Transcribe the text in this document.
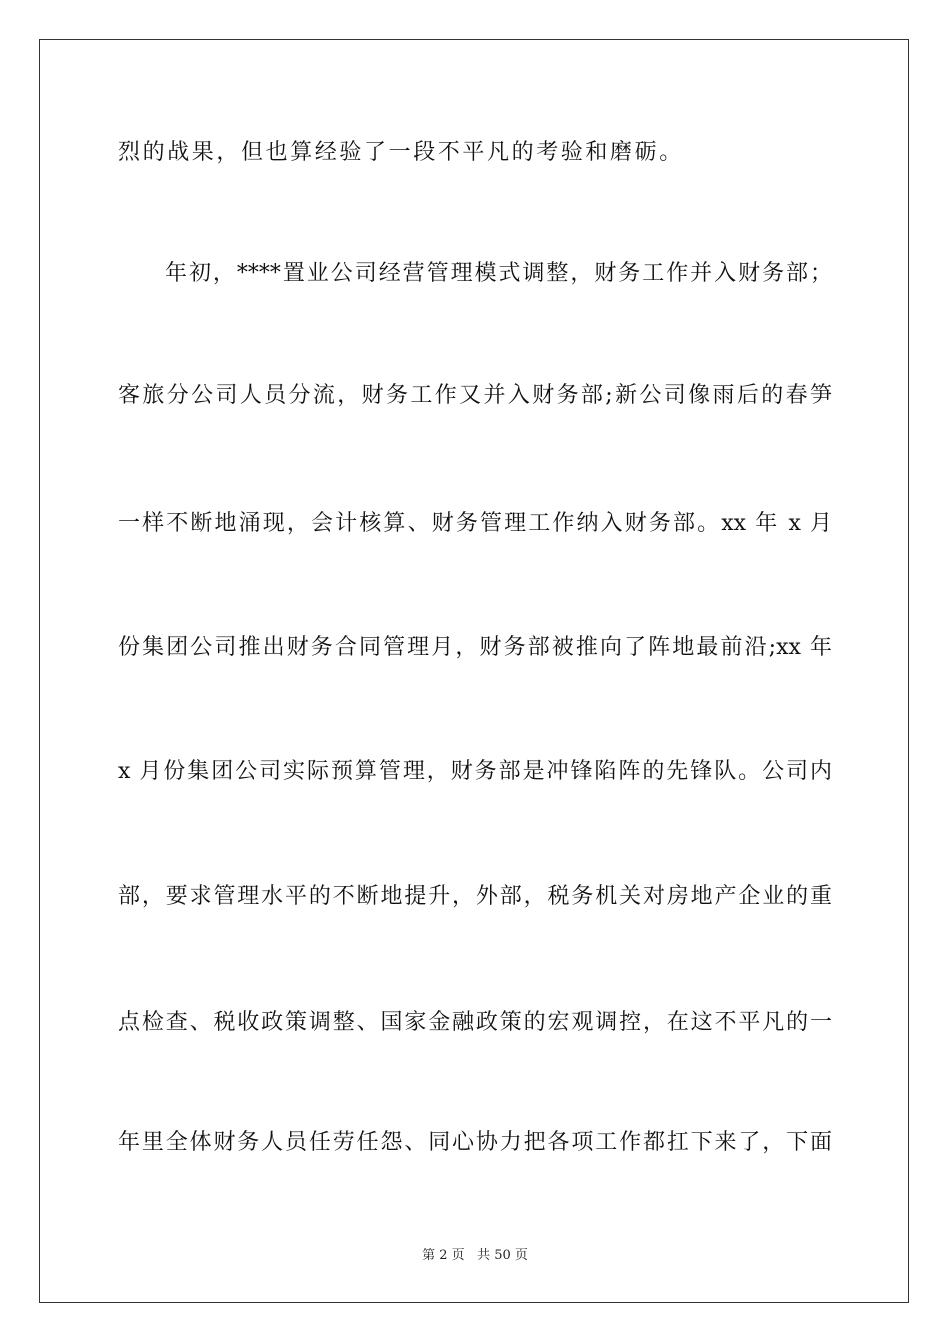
烈的战果，但也算经验了一段不平凡的考验和磨砺。
年初，****置业公司经营管理模式调整，财务工作并入财务部；
客旅分公司人员分流，财务工作又并入财务部;新公司像雨后的春笋
一样不断地涌现，会计核算、财务管理工作纳入财务部。xx 年 x 月
份集团公司推出财务合同管理月，财务部被推向了阵地最前沿;xx 年
x 月份集团公司实际预算管理，财务部是冲锋陷阵的先锋队。公司内
部，要求管理水平的不断地提升，外部，税务机关对房地产企业的重
点检查、税收政策调整、国家金融政策的宏观调控，在这不平凡的一
年里全体财务人员任劳任怨、同心协力把各项工作都扛下来了，下面
第 2 页   共 50 页
